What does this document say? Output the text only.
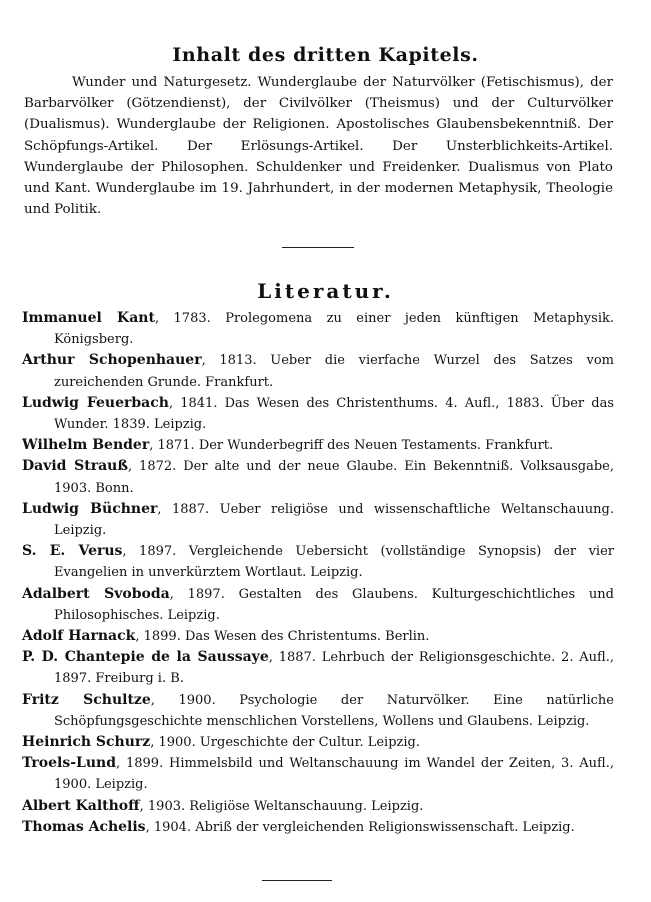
Inhalt des dritten Kapitels.

Wunder und Naturgesetz. Wunderglaube der Naturvölker (Fetischismus), der Barbarvölker (Götzendienst), der Civilvölker (Theismus) und der Culturvölker (Dualismus). Wunderglaube der Religionen. Apostolisches Glaubensbekenntniß. Der Schöpfungs-Artikel. Der Erlösungs-Artikel. Der Unsterblichkeits-Artikel. Wunderglaube der Philosophen. Schuldenker und Freidenker. Dualismus von Plato und Kant. Wunderglaube im 19. Jahrhundert, in der modernen Metaphysik, Theologie und Politik.

Literatur.

Immanuel Kant, 1783. Prolegomena zu einer jeden künftigen Metaphysik. Königsberg.

Arthur Schopenhauer, 1813. Ueber die vierfache Wurzel des Satzes vom zureichenden Grunde. Frankfurt.

Ludwig Feuerbach, 1841. Das Wesen des Christenthums. 4. Aufl., 1883. Über das Wunder. 1839. Leipzig.

Wilhelm Bender, 1871. Der Wunderbegriff des Neuen Testaments. Frankfurt.

David Strauß, 1872. Der alte und der neue Glaube. Ein Bekenntniß. Volksausgabe, 1903. Bonn.

Ludwig Büchner, 1887. Ueber religiöse und wissenschaftliche Weltanschauung. Leipzig.

S. E. Verus, 1897. Vergleichende Uebersicht (vollständige Synopsis) der vier Evangelien in unverkürztem Wortlaut. Leipzig.

Adalbert Svoboda, 1897. Gestalten des Glaubens. Kulturgeschichtliches und Philosophisches. Leipzig.

Adolf Harnack, 1899. Das Wesen des Christentums. Berlin.

P. D. Chantepie de la Saussaye, 1887. Lehrbuch der Religionsgeschichte. 2. Aufl., 1897. Freiburg i. B.

Fritz Schultze, 1900. Psychologie der Naturvölker. Eine natürliche Schöpfungsgeschichte menschlichen Vorstellens, Wollens und Glaubens. Leipzig.

Heinrich Schurz, 1900. Urgeschichte der Cultur. Leipzig.

Troels-Lund, 1899. Himmelsbild und Weltanschauung im Wandel der Zeiten, 3. Aufl., 1900. Leipzig.

Albert Kalthoff, 1903. Religiöse Weltanschauung. Leipzig.

Thomas Achelis, 1904. Abriß der vergleichenden Religionswissenschaft. Leipzig.
